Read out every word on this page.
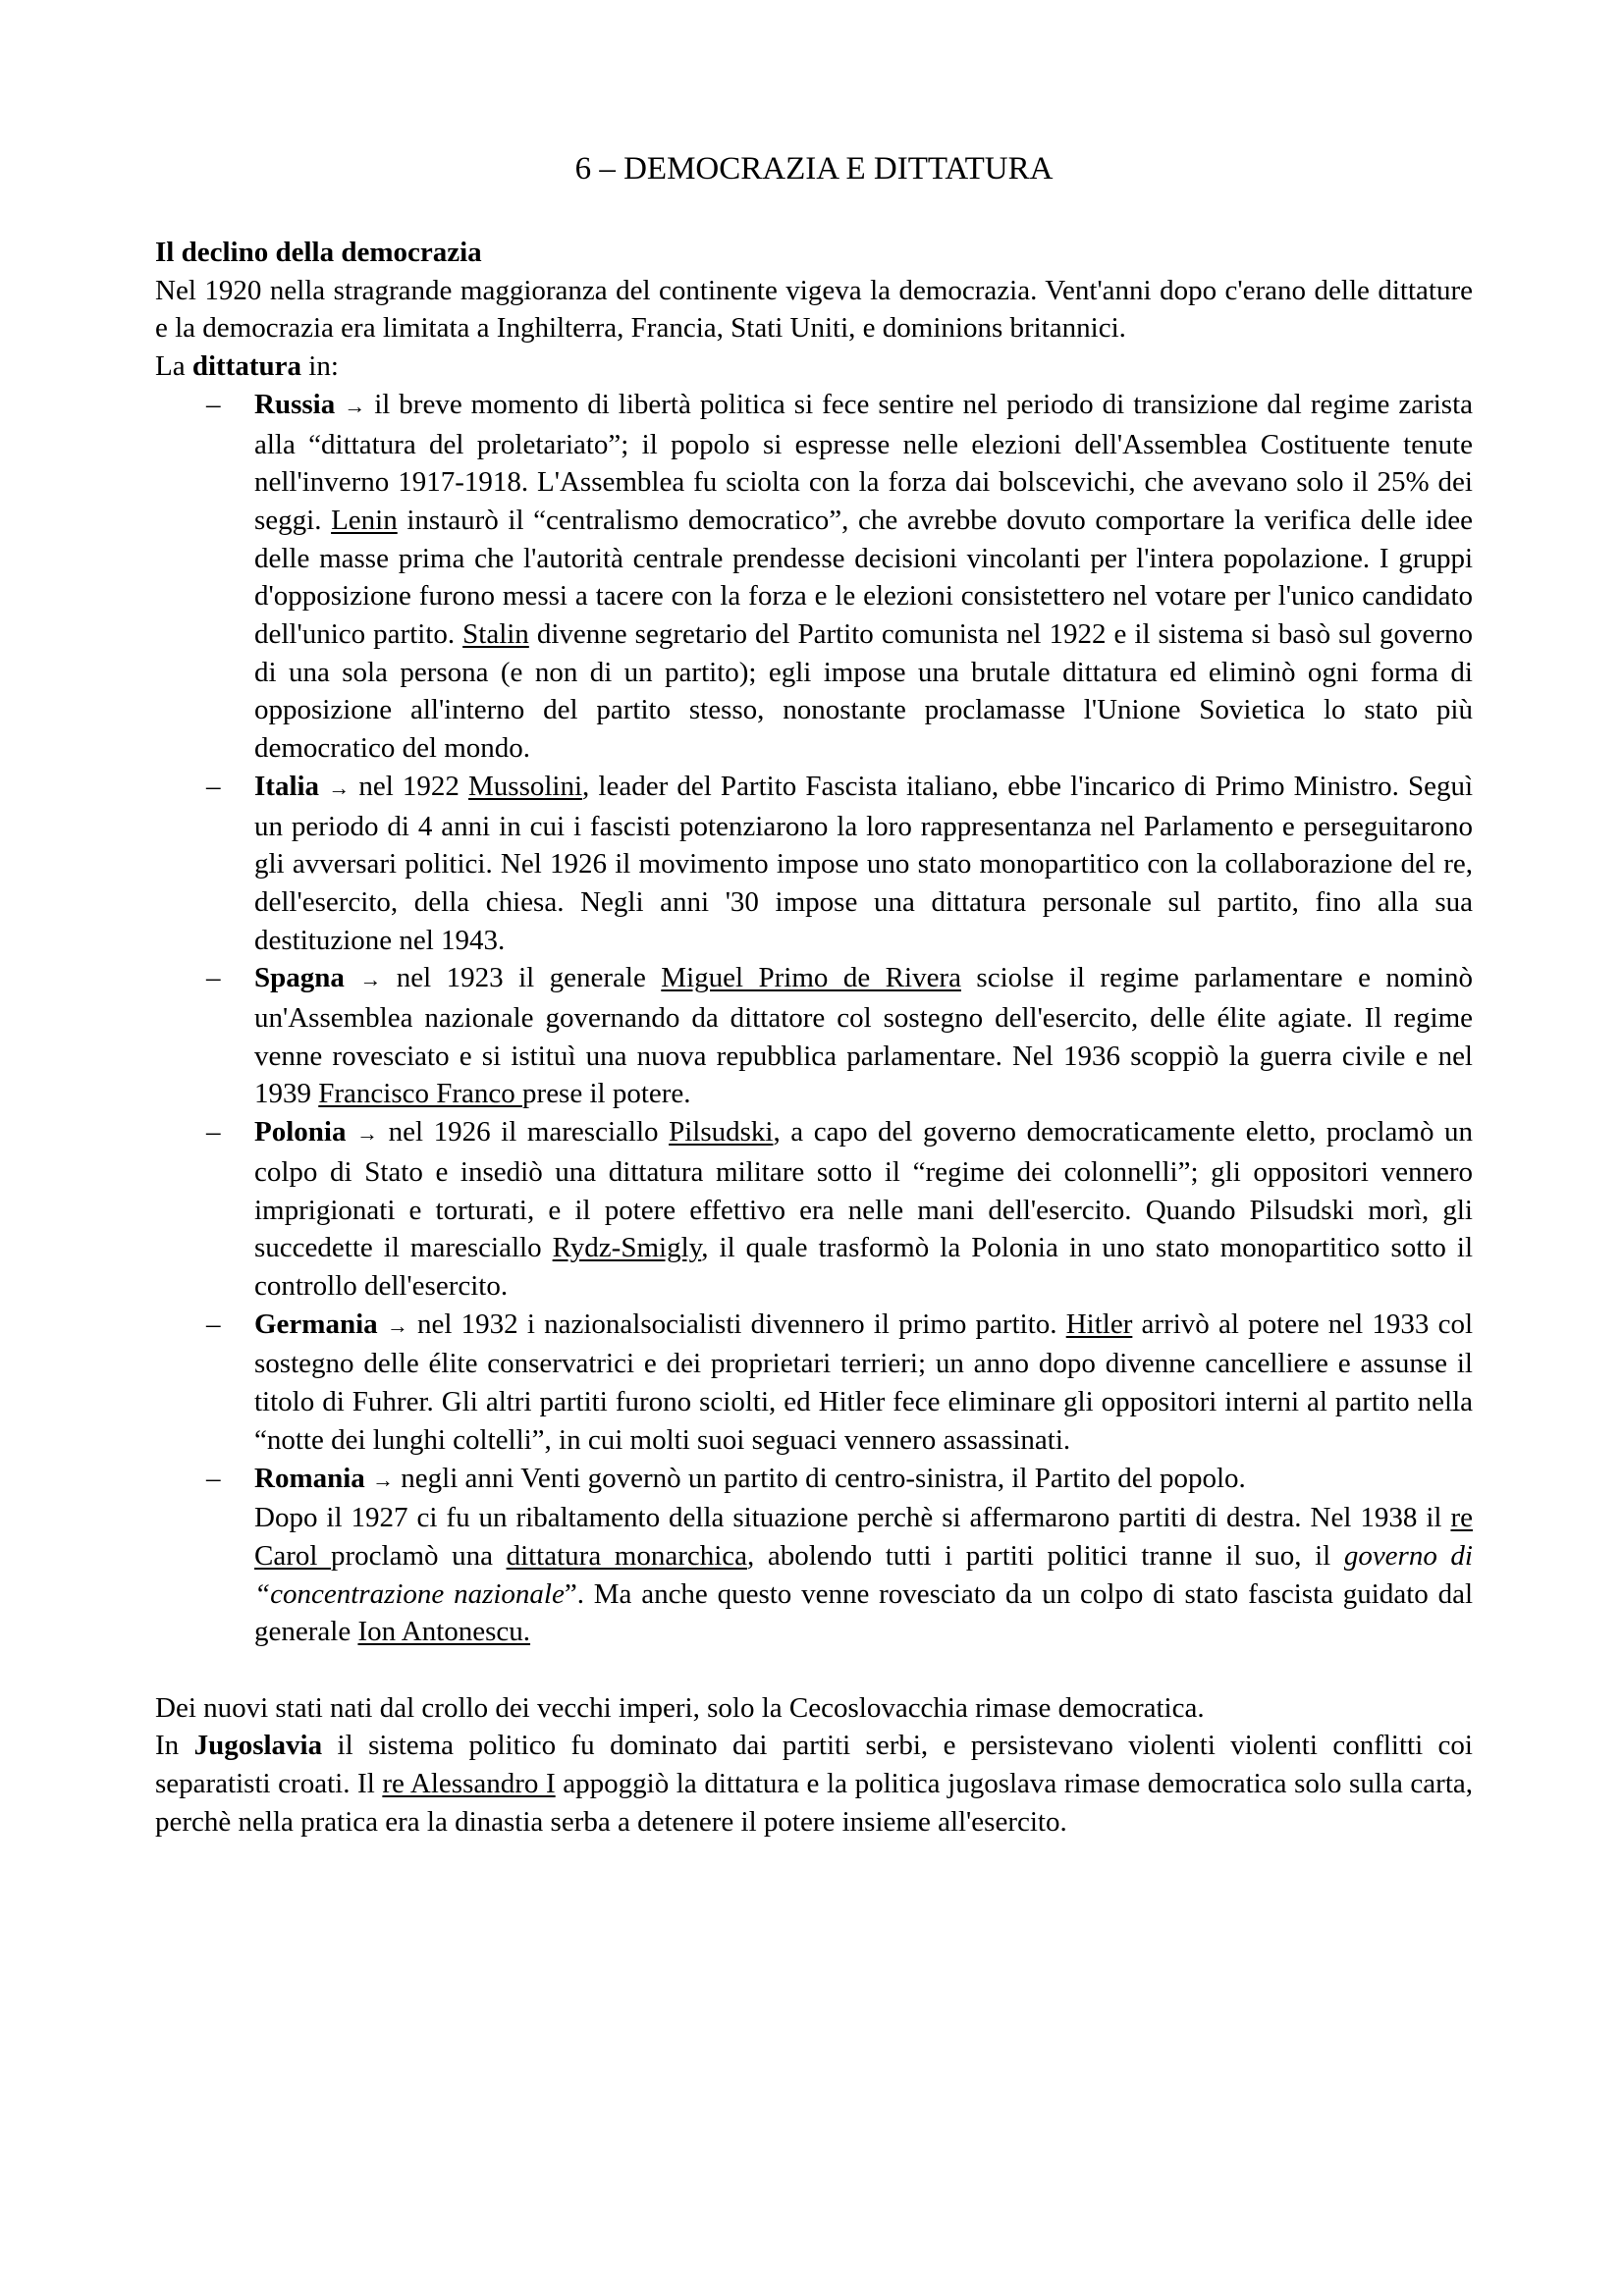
6 – DEMOCRAZIA E DITTATURA
Il declino della democrazia

Nel 1920 nella stragrande maggioranza del continente vigeva la democrazia. Vent'anni dopo c'erano delle dittature e la democrazia era limitata a Inghilterra, Francia, Stati Uniti, e dominions britannici.

La dittatura in:

– Russia → il breve momento di libertà politica si fece sentire nel periodo di transizione dal regime zarista alla “dittatura del proletariato”; il popolo si espresse nelle elezioni dell'Assemblea Costituente tenute nell'inverno 1917-1918. L'Assemblea fu sciolta con la forza dai bolscevichi, che avevano solo il 25% dei seggi. Lenin instaurò il “centralismo democratico”, che avrebbe dovuto comportare la verifica delle idee delle masse prima che l'autorità centrale prendesse decisioni vincolanti per l'intera popolazione. I gruppi d'opposizione furono messi a tacere con la forza e le elezioni consistettero nel votare per l'unico candidato dell'unico partito. Stalin divenne segretario del Partito comunista nel 1922 e il sistema si basò sul governo di una sola persona (e non di un partito); egli impose una brutale dittatura ed eliminò ogni forma di opposizione all'interno del partito stesso, nonostante proclamasse l'Unione Sovietica lo stato più democratico del mondo.
– Italia → nel 1922 Mussolini, leader del Partito Fascista italiano, ebbe l'incarico di Primo Ministro. Seguì un periodo di 4 anni in cui i fascisti potenziarono la loro rappresentanza nel Parlamento e perseguitarono gli avversari politici. Nel 1926 il movimento impose uno stato monopartitico con la collaborazione del re, dell'esercito, della chiesa. Negli anni '30 impose una dittatura personale sul partito, fino alla sua destituzione nel 1943.
– Spagna → nel 1923 il generale Miguel Primo de Rivera sciolse il regime parlamentare e nominò un'Assemblea nazionale governando da dittatore col sostegno dell'esercito, delle élite agiate. Il regime venne rovesciato e si istituì una nuova repubblica parlamentare. Nel 1936 scoppiò la guerra civile e nel 1939 Francisco Franco prese il potere.
– Polonia → nel 1926 il maresciallo Pilsudski, a capo del governo democraticamente eletto, proclamò un colpo di Stato e insediò una dittatura militare sotto il “regime dei colonnelli”; gli oppositori vennero imprigionati e torturati, e il potere effettivo era nelle mani dell'esercito. Quando Pilsudski morì, gli succedette il maresciallo Rydz-Smigly, il quale trasformò la Polonia in uno stato monopartitico sotto il controllo dell'esercito.
– Germania → nel 1932 i nazionalsocialisti divennero il primo partito. Hitler arrivò al potere nel 1933 col sostegno delle élite conservatrici e dei proprietari terrieri; un anno dopo divenne cancelliere e assunse il titolo di Fuhrer. Gli altri partiti furono sciolti, ed Hitler fece eliminare gli oppositori interni al partito nella “notte dei lunghi coltelli”, in cui molti suoi seguaci vennero assassinati.
– Romania → negli anni Venti governò un partito di centro-sinistra, il Partito del popolo.
Dopo il 1927 ci fu un ribaltamento della situazione perchè si affermarono partiti di destra. Nel 1938 il re Carol proclamò una dittatura monarchica, abolendo tutti i partiti politici tranne il suo, il governo di “concentrazione nazionale”. Ma anche questo venne rovesciato da un colpo di stato fascista guidato dal generale Ion Antonescu.

Dei nuovi stati nati dal crollo dei vecchi imperi, solo la Cecoslovacchia rimase democratica.

In Jugoslavia il sistema politico fu dominato dai partiti serbi, e persistevano violenti violenti conflitti coi separatisti croati. Il re Alessandro I appoggiò la dittatura e la politica jugoslava rimase democratica solo sulla carta, perchè nella pratica era la dinastia serba a detenere il potere insieme all'esercito.
